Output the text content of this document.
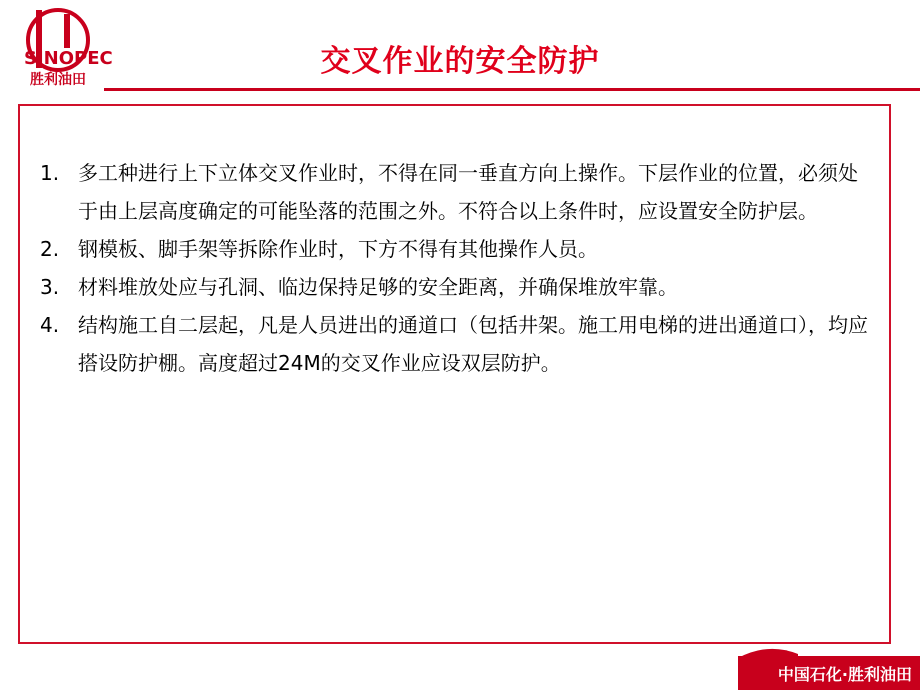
SINOPEC
胜利油田
交叉作业的安全防护
1. 多工种进行上下立体交叉作业时，不得在同一垂直方向上操作。下层作业的位置，必须处于由上层高度确定的可能坠落的范围之外。不符合以上条件时，应设置安全防护层。
2. 钢模板、脚手架等拆除作业时，下方不得有其他操作人员。
3. 材料堆放处应与孔洞、临边保持足够的安全距离，并确保堆放牢靠。
4. 结构施工自二层起，凡是人员进出的通道口（包括井架。施工用电梯的进出通道口），均应搭设防护棚。高度超过24M的交叉作业应设双层防护。
中国石化·胜利油田
